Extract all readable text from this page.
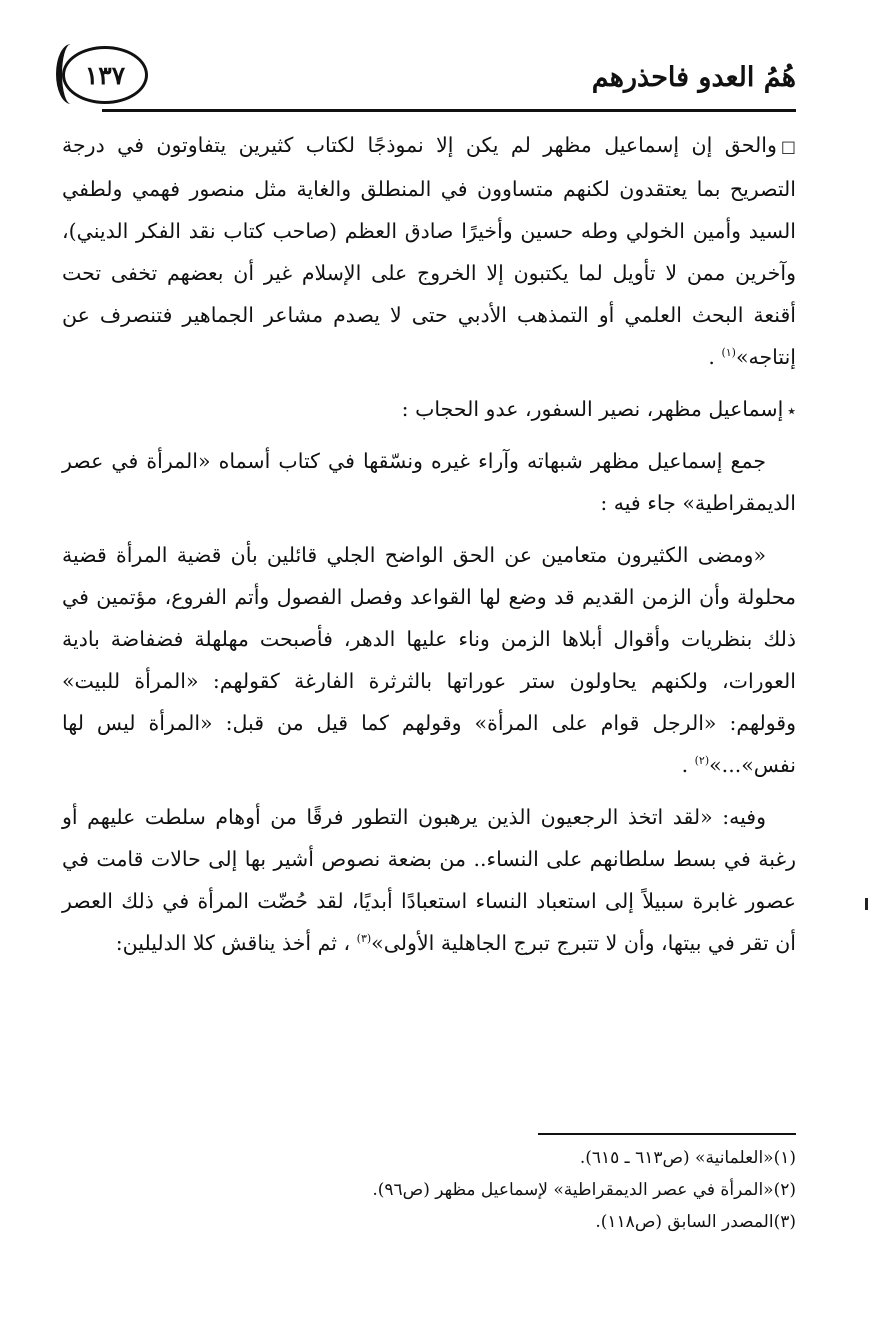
هُمُ العدو فاحذرهم
١٣٧

□والحق إن إسماعيل مظهر لم يكن إلا نموذجًا لكتاب كثيرين يتفاوتون في درجة التصريح بما يعتقدون لكنهم متساوون في المنطلق والغاية مثل منصور فهمي ولطفي السيد وأمين الخولي وطه حسين وأخيرًا صادق العظم (صاحب كتاب نقد الفكر الديني)، وآخرين ممن لا تأويل لما يكتبون إلا الخروج على الإسلام غير أن بعضهم تخفى تحت أقنعة البحث العلمي أو التمذهب الأدبي حتى لا يصدم مشاعر الجماهير فتنصرف عن إنتاجه»$^{(١)}$ .

٭إسماعيل مظهر، نصير السفور، عدو الحجاب :

جمع إسماعيل مظهر شبهاته وآراء غيره ونسّقها في كتاب أسماه «المرأة في عصر الديمقراطية» جاء فيه :

«ومضى الكثيرون متعامين عن الحق الواضح الجلي قائلين بأن قضية المرأة قضية محلولة وأن الزمن القديم قد وضع لها القواعد وفصل الفصول وأتم الفروع، مؤتمين في ذلك بنظريات وأقوال أبلاها الزمن وناء عليها الدهر، فأصبحت مهلهلة فضفاضة بادية العورات، ولكنهم يحاولون ستر عوراتها بالثرثرة الفارغة كقولهم: «المرأة للبيت» وقولهم: «الرجل قوام على المرأة» وقولهم كما قيل من قبل: «المرأة ليس لها نفس»...»$^{(٢)}$ .

وفيه: «لقد اتخذ الرجعيون الذين يرهبون التطور فرقًا من أوهام سلطت عليهم أو رغبة في بسط سلطانهم على النساء.. من بضعة نصوص أشير بها إلى حالات قامت في عصور غابرة سبيلاً إلى استعباد النساء استعبادًا أبديًا، لقد حُضّت المرأة في ذلك العصر أن تقر في بيتها، وأن لا تتبرج تبرج الجاهلية الأولى»$^{(٣)}$ ، ثم أخذ يناقش كلا الدليلين:

(١)«العلمانية» (ص٦١٣ ـ ٦١٥).
(٢)«المرأة في عصر الديمقراطية» لإسماعيل مظهر (ص٩٦).
(٣)المصدر السابق (ص١١٨).
